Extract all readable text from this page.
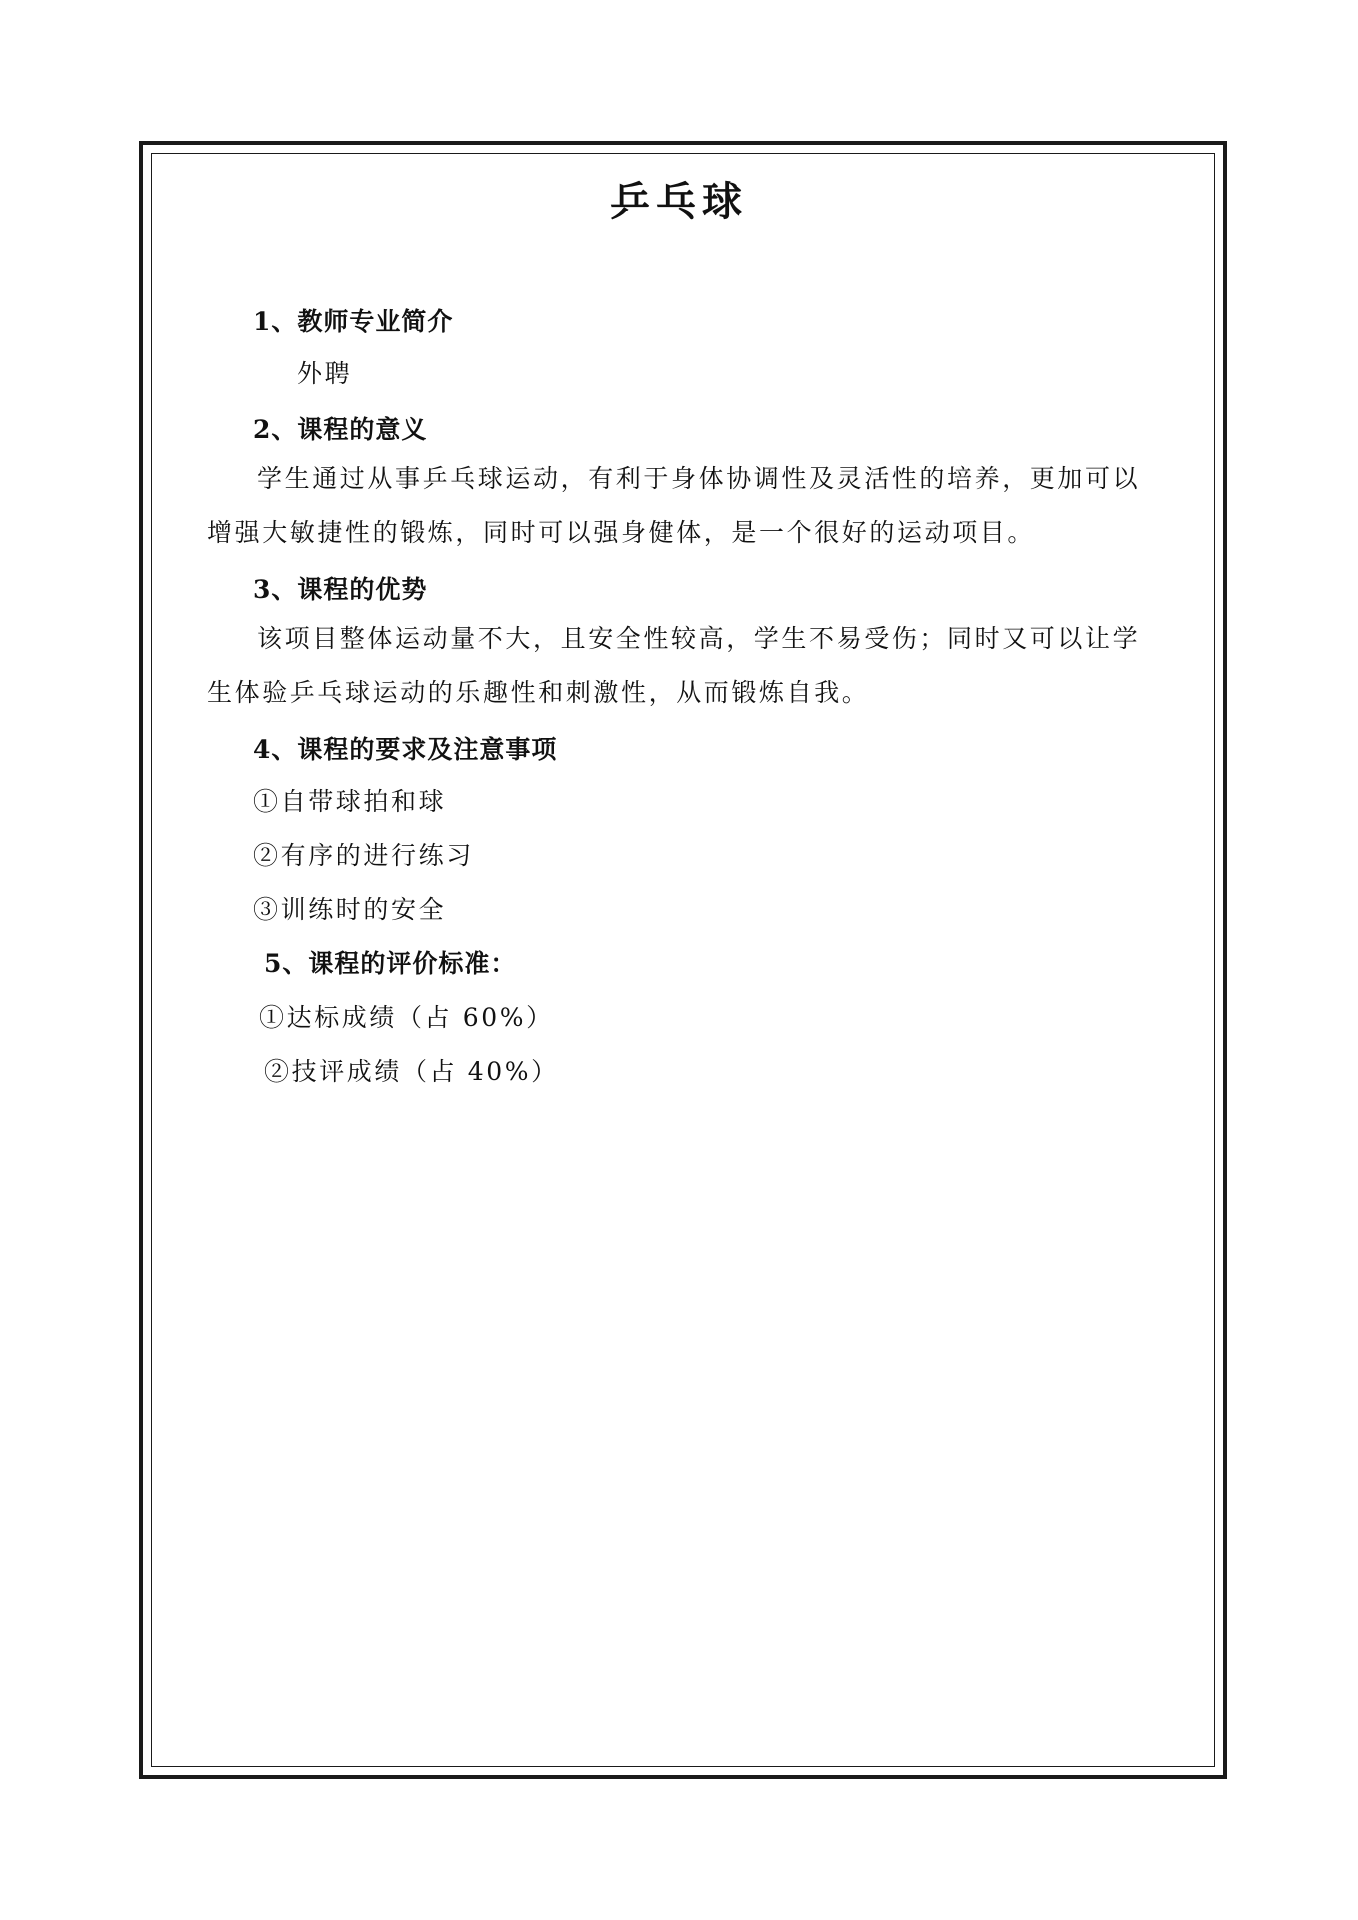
乒乓球
1、教师专业简介
外聘
2、课程的意义

学生通过从事乒乓球运动，有利于身体协调性及灵活性的培养，更加可以增强大敏捷性的锻炼，同时可以强身健体，是一个很好的运动项目。

3、课程的优势

该项目整体运动量不大，且安全性较高，学生不易受伤；同时又可以让学生体验乒乓球运动的乐趣性和刺激性，从而锻炼自我。

4、课程的要求及注意事项
①自带球拍和球
②有序的进行练习
③训练时的安全
5、课程的评价标准：
①达标成绩（占 60%）
②技评成绩（占 40%）
